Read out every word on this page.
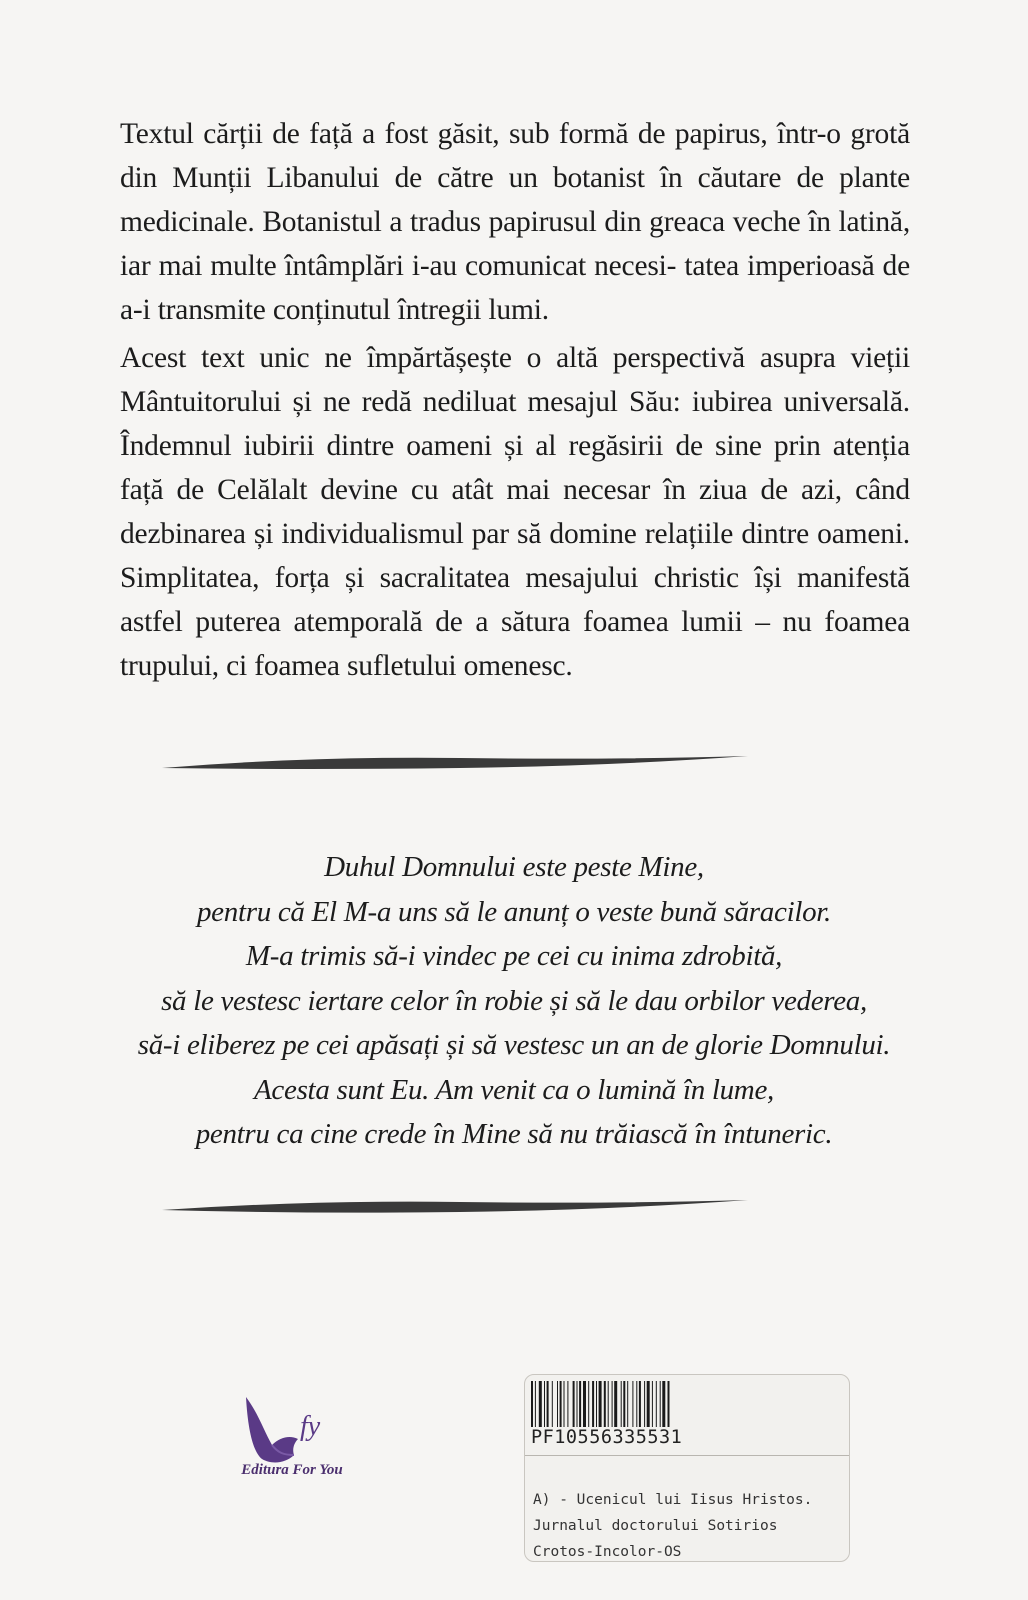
Textul cărții de față a fost găsit, sub formă de papirus, într-o grotă din Munții Libanului de către un botanist în căutare de plante medicinale. Botanistul a tradus papirusul din greaca veche în latină, iar mai multe întâmplări i-au comunicat necesi- tatea imperioasă de a-i transmite conținutul întregii lumi.

Acest text unic ne împărtășește o altă perspectivă asupra vieții Mântuitorului și ne redă nediluat mesajul Său: iubirea universală. Îndemnul iubirii dintre oameni și al regăsirii de sine prin atenția față de Celălalt devine cu atât mai necesar în ziua de azi, când dezbinarea și individualismul par să domine relațiile dintre oameni. Simplitatea, forța și sacralitatea mesajului christic își manifestă astfel puterea atemporală de a sătura foamea lumii – nu foamea trupului, ci foamea sufletului omenesc.

Duhul Domnului este peste Mine,
pentru că El M-a uns să le anunț o veste bună săracilor.
M-a trimis să-i vindec pe cei cu inima zdrobită,
să le vestesc iertare celor în robie și să le dau orbilor vederea,
să-i eliberez pe cei apăsați și să vestesc un an de glorie Domnului.
Acesta sunt Eu. Am venit ca o lumină în lume,
pentru ca cine crede în Mine să nu trăiască în întuneric.
fy
Editura For You
PF10556335531
A) - Ucenicul lui Iisus Hristos.
Jurnalul doctorului Sotirios
Crotos-Incolor-OS
